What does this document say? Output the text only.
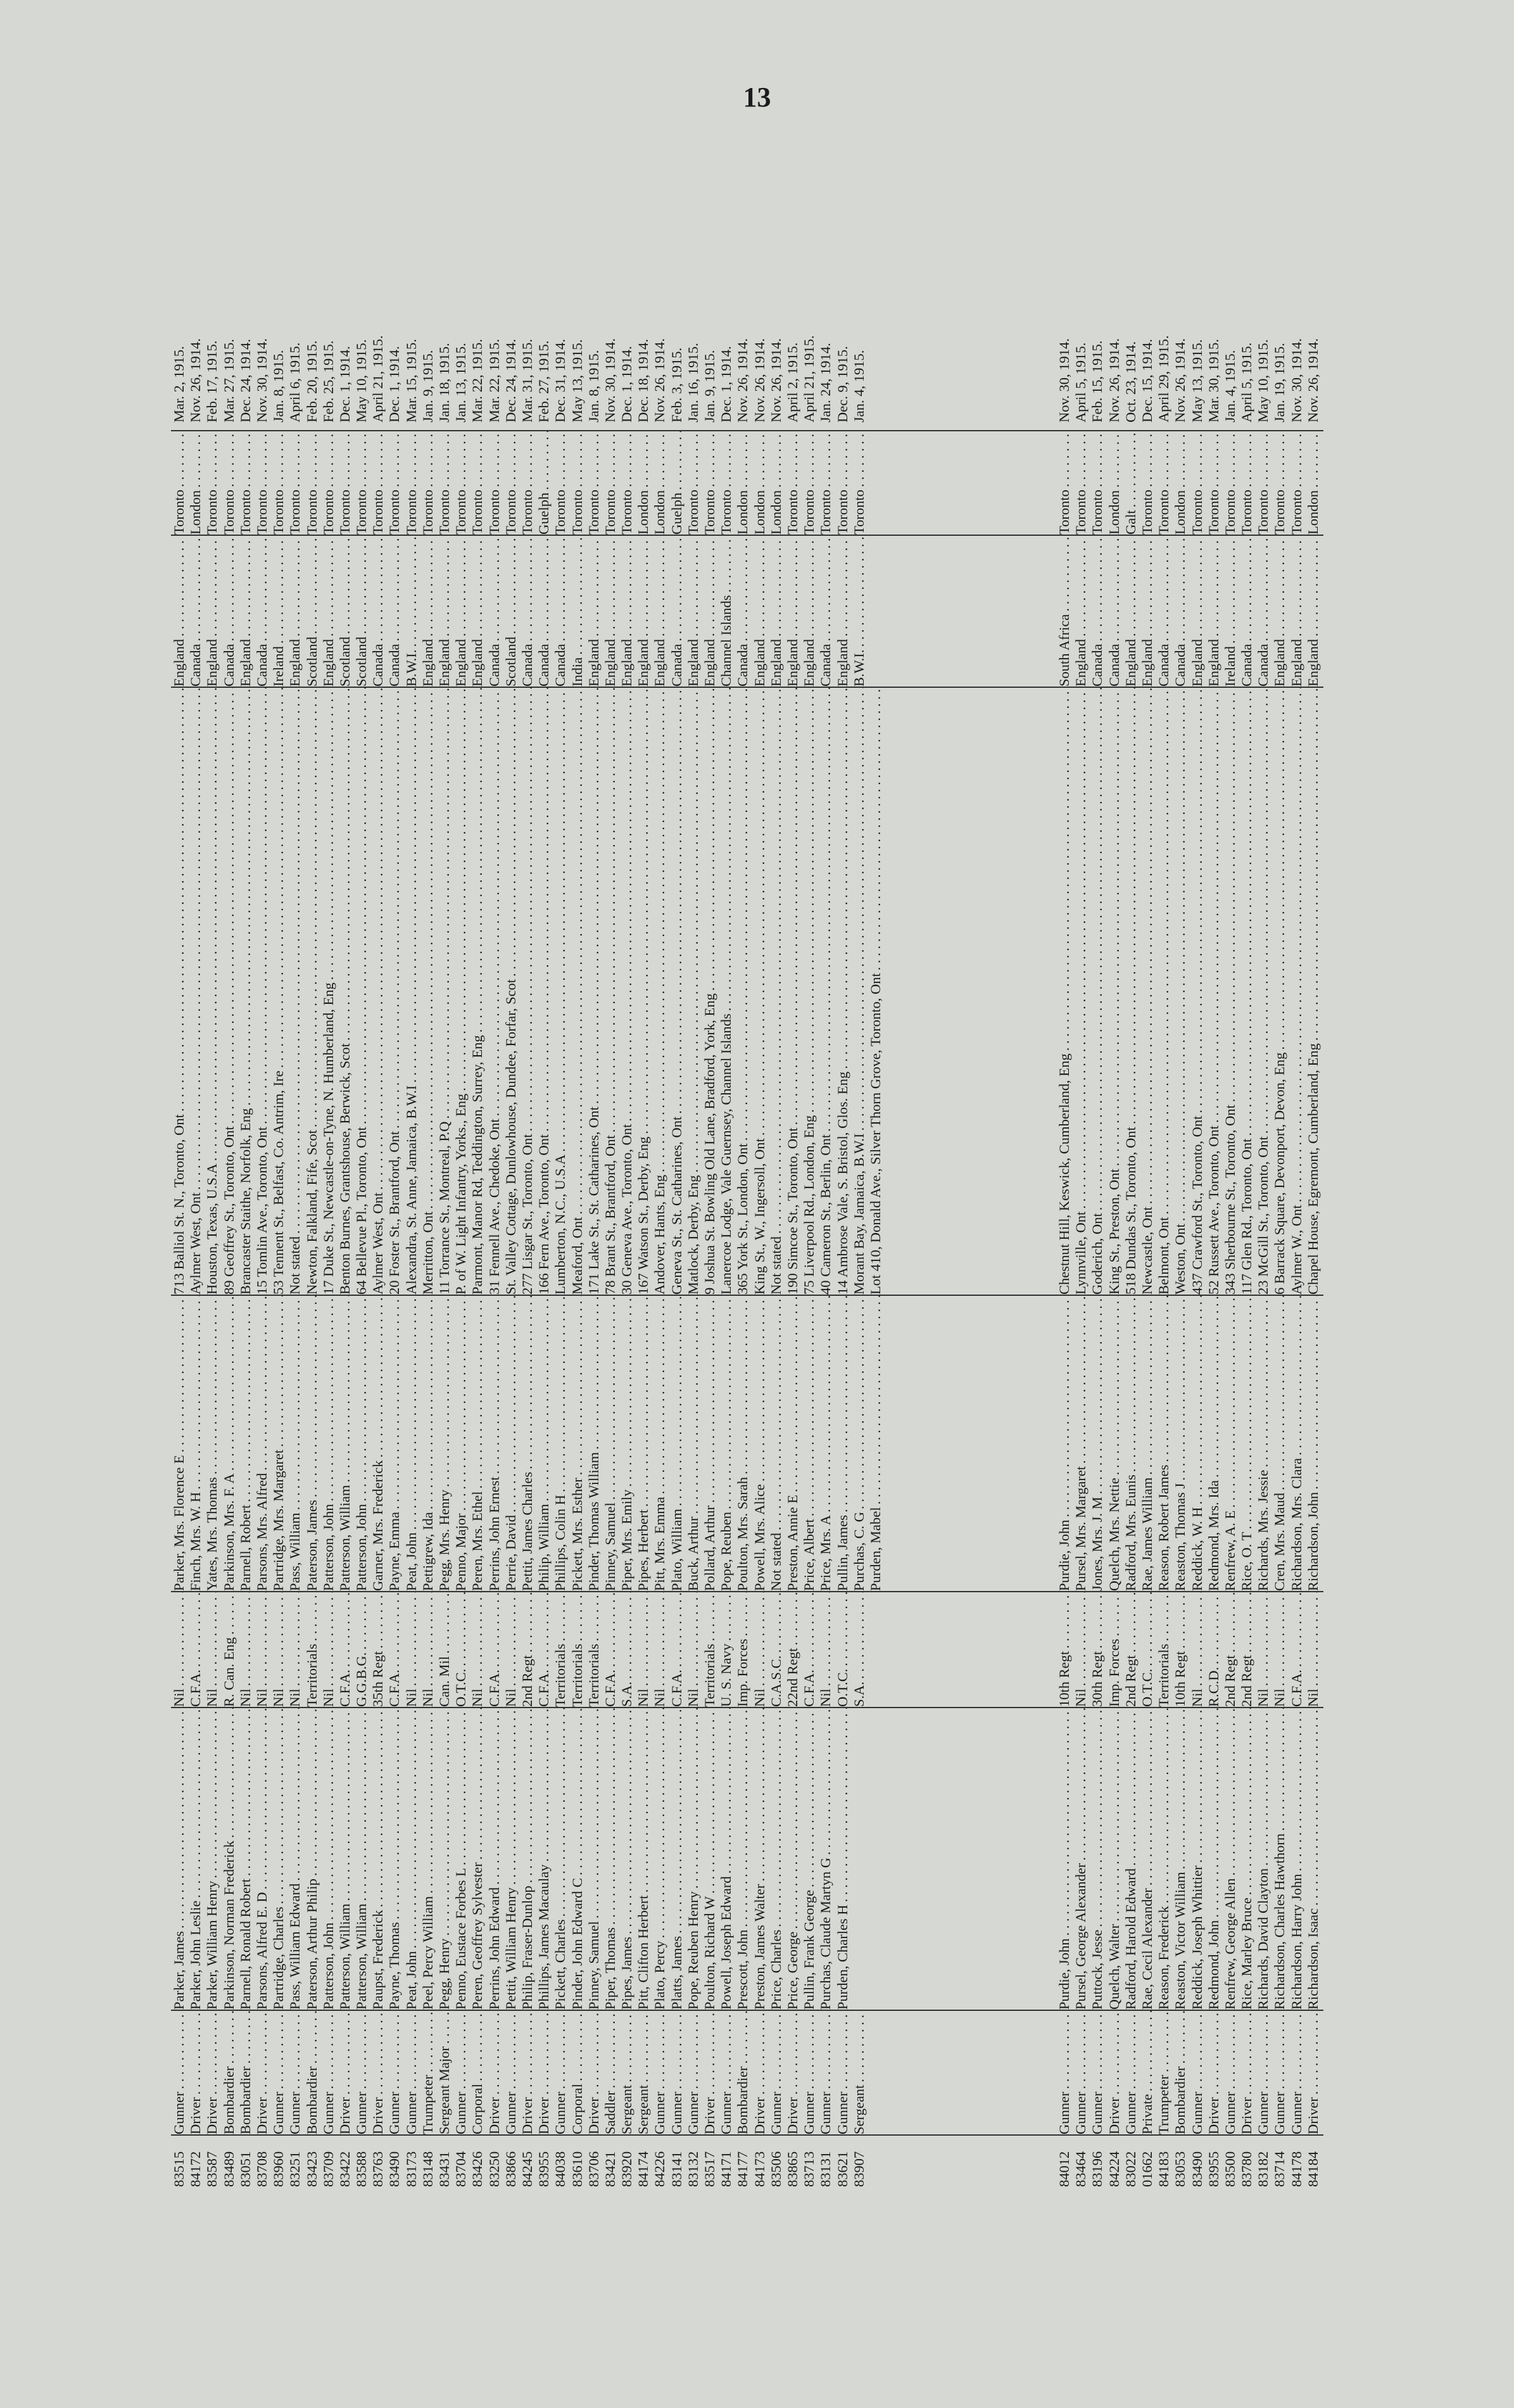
13
83515
Gunner . . .
Parker, James . . .
Nil . . .
Parker, Mrs. Florence E . . .
713 Balliol St. N., Toronto, Ont . . .
England . . .
Toronto . . .
Mar. 2, 1915.
84172
Driver . . .
Parker, John Leslie . . .
C.F.A. . . .
Finch, Mrs. W. H . . .
Aylmer West, Ont . . .
Canada . . .
London . . .
Nov. 26, 1914.
83587
Driver . . .
Parker, William Henry . . .
Nil . . .
Yates, Mrs. Thomas . . .
Houston, Texas, U.S.A . . .
England . . .
Toronto . . .
Feb. 17, 1915.
83489
Bombardier . . .
Parkinson, Norman Frederick . . .
R. Can. Eng . . .
Parkinson, Mrs. F. A . . .
89 Geoffrey St., Toronto, Ont . . .
Canada . . .
Toronto . . .
Mar. 27, 1915.
83051
Bombardier . . .
Parnell, Ronald Robert . . .
Nil . . .
Parnell, Robert . . .
Brancaster Staithe, Norfolk, Eng . . .
England . . .
Toronto . . .
Dec. 24, 1914.
83708
Driver . . .
Parsons, Alfred E. D . . .
Nil . . .
Parsons, Mrs. Alfred . . .
15 Tomlin Ave., Toronto, Ont . . .
Canada . . .
Toronto . . .
Nov. 30, 1914.
83960
Gunner . . .
Partridge, Charles . . .
Nil . . .
Partridge, Mrs. Margaret . . .
53 Tennent St., Belfast, Co. Antrim, Ire . . .
Ireland . . .
Toronto . . .
Jan. 8, 1915.
83251
Gunner . . .
Pass, William Edward . . .
Nil . . .
Pass, William . . .
Not stated . . .
England . . .
Toronto . . .
April 6, 1915.
83423
Bombardier . . .
Paterson, Arthur Philip . . .
Territorials . . .
Paterson, James . . .
Newton, Falkland, Fife, Scot . . .
Scotland . . .
Toronto . . .
Feb. 20, 1915.
83709
Gunner . . .
Patterson, John . . .
Nil . . .
Patterson, John . . .
17 Duke St., Newcastle-on-Tyne, N. Humberland, Eng . . .
England . . .
Toronto . . .
Feb. 25, 1915.
83422
Driver . . .
Patterson, William . . .
C.F.A. . . .
Patterson, William . . .
Benton Burnes, Grantshouse, Berwick, Scot . . .
Scotland . . .
Toronto . . .
Dec. 1, 1914.
83588
Gunner . . .
Patterson, William . . .
G.G.B.G. . . .
Patterson, John . . .
64 Bellevue Pl., Toronto, Ont . . .
Scotland . . .
Toronto . . .
May 10, 1915.
83763
Driver . . .
Paupst, Frederick . . .
35th Regt . . .
Garner, Mrs. Frederick . . .
Aylmer West, Ont . . .
Canada . . .
Toronto . . .
April 21, 1915.
83490
Gunner . . .
Payne, Thomas . . .
C.F.A. . . .
Payne, Emma . . .
20 Foster St., Brantford, Ont . . .
Canada . . .
Toronto . . .
Dec. 1, 1914.
83173
Gunner . . .
Peat, John . . .
Nil . . .
Peat, John . . .
Alexandra, St. Anne, Jamaica, B.W.I . . .
B.W.I. . . .
Toronto . . .
Mar. 15, 1915.
83148
Trumpeter . . .
Peel, Percy William . . .
Nil . . .
Pettigrew, Ida . . .
Merritton, Ont . . .
England . . .
Toronto . . .
Jan. 9, 1915.
83431
Sergeant Major . . .
Pegg, Henry . . .
Can. Mil . . .
Pegg, Mrs. Henry . . .
11 Torrance St., Montreal, P.Q . . .
England . . .
Toronto . . .
Jan. 18, 1915.
83704
Gunner . . .
Penno, Eustace Forbes L . . .
O.T.C. . . .
Penno, Major . . .
P. of W. Light Infantry, Yorks., Eng . . .
England . . .
Toronto . . .
Jan. 13, 1915.
83426
Corporal . . .
Peren, Geoffrey Sylvester . . .
Nil . . .
Peren, Mrs. Ethel . . .
Parmont, Manor Rd, Teddington, Surrey, Eng . . .
England . . .
Toronto . . .
Mar. 22, 1915.
83250
Driver . . .
Perrins, John Edward . . .
C.F.A. . . .
Perrins, John Ernest . . .
31 Fennell Ave., Chedoke, Ont . . .
Canada . . .
Toronto . . .
Mar. 22, 1915.
83866
Gunner . . .
Pettit, William Henry . . .
Nil . . .
Perrie, David . . .
St. Valley Cottage, Dunlowhouse, Dundee, Forfar, Scot . . .
Scotland . . .
Toronto . . .
Dec. 24, 1914.
84245
Driver . . .
Philip, Fraser-Dunlop . . .
2nd Regt . . .
Pettit, James Charles . . .
277 Lisgar St., Toronto, Ont . . .
Canada . . .
Toronto . . .
Mar. 31, 1915.
83955
Driver . . .
Phillips, James Macaulay . . .
C.F.A. . . .
Philip, William . . .
166 Fern Ave., Toronto, Ont . . .
Canada . . .
Guelph . . .
Feb. 27, 1915.
84038
Gunner . . .
Pickett, Charles . . .
Territorials . . .
Phillips, Colin H . . .
Lumberton, N.C., U.S.A . . .
Canada . . .
Toronto . . .
Dec. 31, 1914.
83610
Corporal . . .
Pinder, John Edward C . . .
Territorials . . .
Pickett, Mrs. Esther . . .
Meaford, Ont . . .
India . . .
Toronto . . .
May 13, 1915.
83706
Driver . . .
Pinney, Samuel . . .
Territorials . . .
Pinder, Thomas William . . .
171 Lake St., St. Catharines, Ont . . .
England . . .
Toronto . . .
Jan. 8, 1915.
83421
Saddler . . .
Piper, Thomas . . .
C.F.A. . . .
Pinney, Samuel . . .
78 Brant St., Brantford, Ont . . .
England . . .
Toronto . . .
Nov. 30, 1914.
83920
Sergeant . . .
Pipes, James . . .
S.A. . . .
Piper, Mrs. Emily . . .
30 Geneva Ave., Toronto, Ont . . .
England . . .
Toronto . . .
Dec. 1, 1914.
84174
Sergeant . . .
Pitt, Clifton Herbert . . .
Nil . . .
Pipes, Herbert . . .
167 Watson St., Derby, Eng . . .
England . . .
London . . .
Dec. 18, 1914.
84226
Gunner . . .
Plato, Percy . . .
Nil . . .
Pitt, Mrs. Emma . . .
Andover, Hants, Eng . . .
England . . .
London . . .
Nov. 26, 1914.
83141
Gunner . . .
Platts, James . . .
C.F.A. . . .
Plato, William . . .
Geneva St., St. Catharines, Ont . . .
Canada . . .
Guelph . . .
Feb. 3, 1915.
83132
Gunner . . .
Pope, Reuben Henry . . .
Nil . . .
Buck, Arthur . . .
Matlock, Derby, Eng . . .
England . . .
Toronto . . .
Jan. 16, 1915.
83517
Driver . . .
Poulton, Richard W . . .
Territorials . . .
Pollard, Arthur . . .
9 Joshua St. Bowling Old Lane, Bradford, York, Eng . . .
England . . .
Toronto . . .
Jan. 9, 1915.
84171
Gunner . . .
Powell, Joseph Edward . . .
U. S. Navy . . .
Pope, Reuben . . .
Lanercoe Lodge, Vale Guernsey, Channel Islands . . .
Channel Islands . . .
Toronto . . .
Dec. 1, 1914.
84177
Bombardier . . .
Prescott, John . . .
Imp. Forces . . .
Poulton, Mrs. Sarah . . .
365 York St., London, Ont . . .
Canada . . .
London . . .
Nov. 26, 1914.
84173
Driver . . .
Preston, James Walter . . .
Nil . . .
Powell, Mrs. Alice . . .
King St., W., Ingersoll, Ont . . .
England . . .
London . . .
Nov. 26, 1914.
83506
Gunner . . .
Price, Charles . . .
C.A.S.C. . . .
Not stated . . .
Not stated . . .
England . . .
London . . .
Nov. 26, 1914.
83865
Driver . . .
Price, George . . .
22nd Regt . . .
Preston, Annie E . . .
190 Simcoe St., Toronto, Ont . . .
England . . .
Toronto . . .
April 2, 1915.
83713
Gunner . . .
Pullin, Frank George . . .
C.F.A. . . .
Price, Albert . . .
75 Liverpool Rd., London, Eng . . .
England . . .
Toronto . . .
April 21, 1915.
83131
Gunner . . .
Purchas, Claude Martyn G . . .
Nil . . .
Price, Mrs. A . . .
40 Cameron St., Berlin, Ont . . .
Canada . . .
Toronto . . .
Jan. 24, 1914.
83621
Gunner . . .
Purden, Charles H . . .
O.T.C. . . .
Pullin, James . . .
14 Ambrose Vale, S. Bristol, Glos. Eng . . .
England . . .
Toronto . . .
Dec. 9, 1915.
83907
Sergeant . . .
S.A. . . .
Purchas, C. G . . .
Morant Bay, Jamaica, B.W.I . . .
B.W.I. . . .
Toronto . . .
Jan. 4, 1915.
Purden, Mabel . . .
Lot 410, Donald Ave., Silver Thorn Grove, Toronto, Ont . . .
84012
Gunner . . .
Purdie, John . . .
10th Regt . . .
Purdie, John . . .
Chestnut Hill, Keswick, Cumberland, Eng . . .
South Africa . . .
Toronto . . .
Nov. 30, 1914.
83464
Gunner . . .
Pursel, George Alexander . . .
Nil . . .
Pursel, Mrs. Margaret . . .
Lynnville, Ont . . .
England . . .
Toronto . . .
April 5, 1915.
83196
Gunner . . .
Puttock, Jesse . . .
30th Regt . . .
Jones, Mrs. J. M . . .
Goderich, Ont . . .
Canada . . .
Toronto . . .
Feb. 15, 1915.
84224
Driver . . .
Quelch, Walter . . .
Imp. Forces . . .
Quelch, Mrs. Nettie . . .
King St., Preston, Ont . . .
Canada . . .
London . . .
Nov. 26, 1914.
83022
Gunner . . .
Radford, Harold Edward . . .
2nd Regt . . .
Radford, Mrs. Eunis . . .
518 Dundas St., Toronto, Ont . . .
England . . .
Galt . . .
Oct. 23, 1914.
01662
Private . . .
Rae, Cecil Alexander . . .
O.T.C. . . .
Rae, James William . . .
Newcastle, Ont . . .
England . . .
Toronto . . .
Dec. 15, 1914.
84183
Trumpeter . . .
Reason, Frederick . . .
Territorials . . .
Reason, Robert James . . .
Belmont, Ont . . .
Canada . . .
Toronto . . .
April 29, 1915.
83053
Bombardier . . .
Reaston, Victor William . . .
10th Regt . . .
Reaston, Thomas J . . .
Weston, Ont . . .
Canada . . .
London . . .
Nov. 26, 1914.
83490
Gunner . . .
Reddick, Joseph Whittier . . .
Nil . . .
Reddick, W. H . . .
437 Crawford St., Toronto, Ont . . .
England . . .
Toronto . . .
May 13, 1915.
83955
Driver . . .
Redmond, John . . .
R.C.D. . . .
Redmond, Mrs. Ida . . .
52 Russett Ave., Toronto, Ont . . .
England . . .
Toronto . . .
Mar. 30, 1915.
83500
Gunner . . .
Renfrew, George Allen . . .
2nd Regt . . .
Renfrew, A. E . . .
343 Sherbourne St., Toronto, Ont . . .
Ireland . . .
Toronto . . .
Jan. 4, 1915.
83780
Driver . . .
Rice, Marley Bruce . . .
2nd Regt . . .
Rice, O. T . . .
117 Glen Rd., Toronto, Ont . . .
Canada . . .
Toronto . . .
April 5, 1915.
83182
Gunner . . .
Richards, David Clayton . . .
Nil . . .
Richards, Mrs. Jessie . . .
23 McGill St., Toronto, Ont . . .
Canada . . .
Toronto . . .
May 10, 1915.
83714
Gunner . . .
Richardson, Charles Hawthorn . . .
Nil . . .
Cren, Mrs. Maud . . .
6 Barrack Square, Devonport, Devon, Eng . . .
England . . .
Toronto . . .
Jan. 19, 1915.
84178
Gunner . . .
Richardson, Harry John . . .
C.F.A. . . .
Richardson, Mrs. Clara . . .
Aylmer W., Ont . . .
England . . .
Toronto . . .
Nov. 30, 1914.
84184
Driver . . .
Richardson, Isaac . . .
Nil . . .
Richardson, John . . .
Chapel House, Egremont, Cumberland, Eng . . .
England . . .
London . . .
Nov. 26, 1914.
